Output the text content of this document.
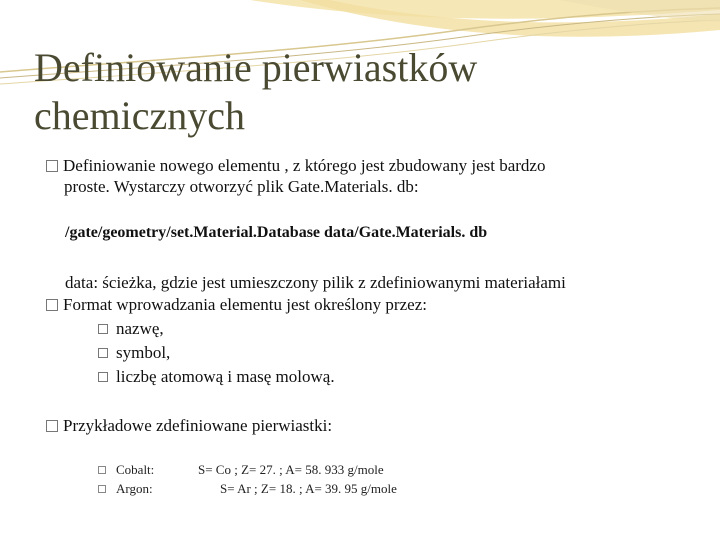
Definiowanie pierwiastków chemicznych
Definiowanie nowego elementu , z którego jest zbudowany jest bardzo
proste. Wystarczy otworzyć plik Gate.Materials. db:
/gate/geometry/set.Material.Database data/Gate.Materials. db
data: ścieżka, gdzie jest umieszczony pilik z zdefiniowanymi materiałami
Format wprowadzania elementu jest określony przez:
nazwę,
symbol,
liczbę atomową i masę molową.
Przykładowe zdefiniowane pierwiastki:
Cobalt:	S= Co ; Z= 27. ; A= 58. 933 g/mole
Argon:	S= Ar ; Z= 18. ; A= 39. 95 g/mole
